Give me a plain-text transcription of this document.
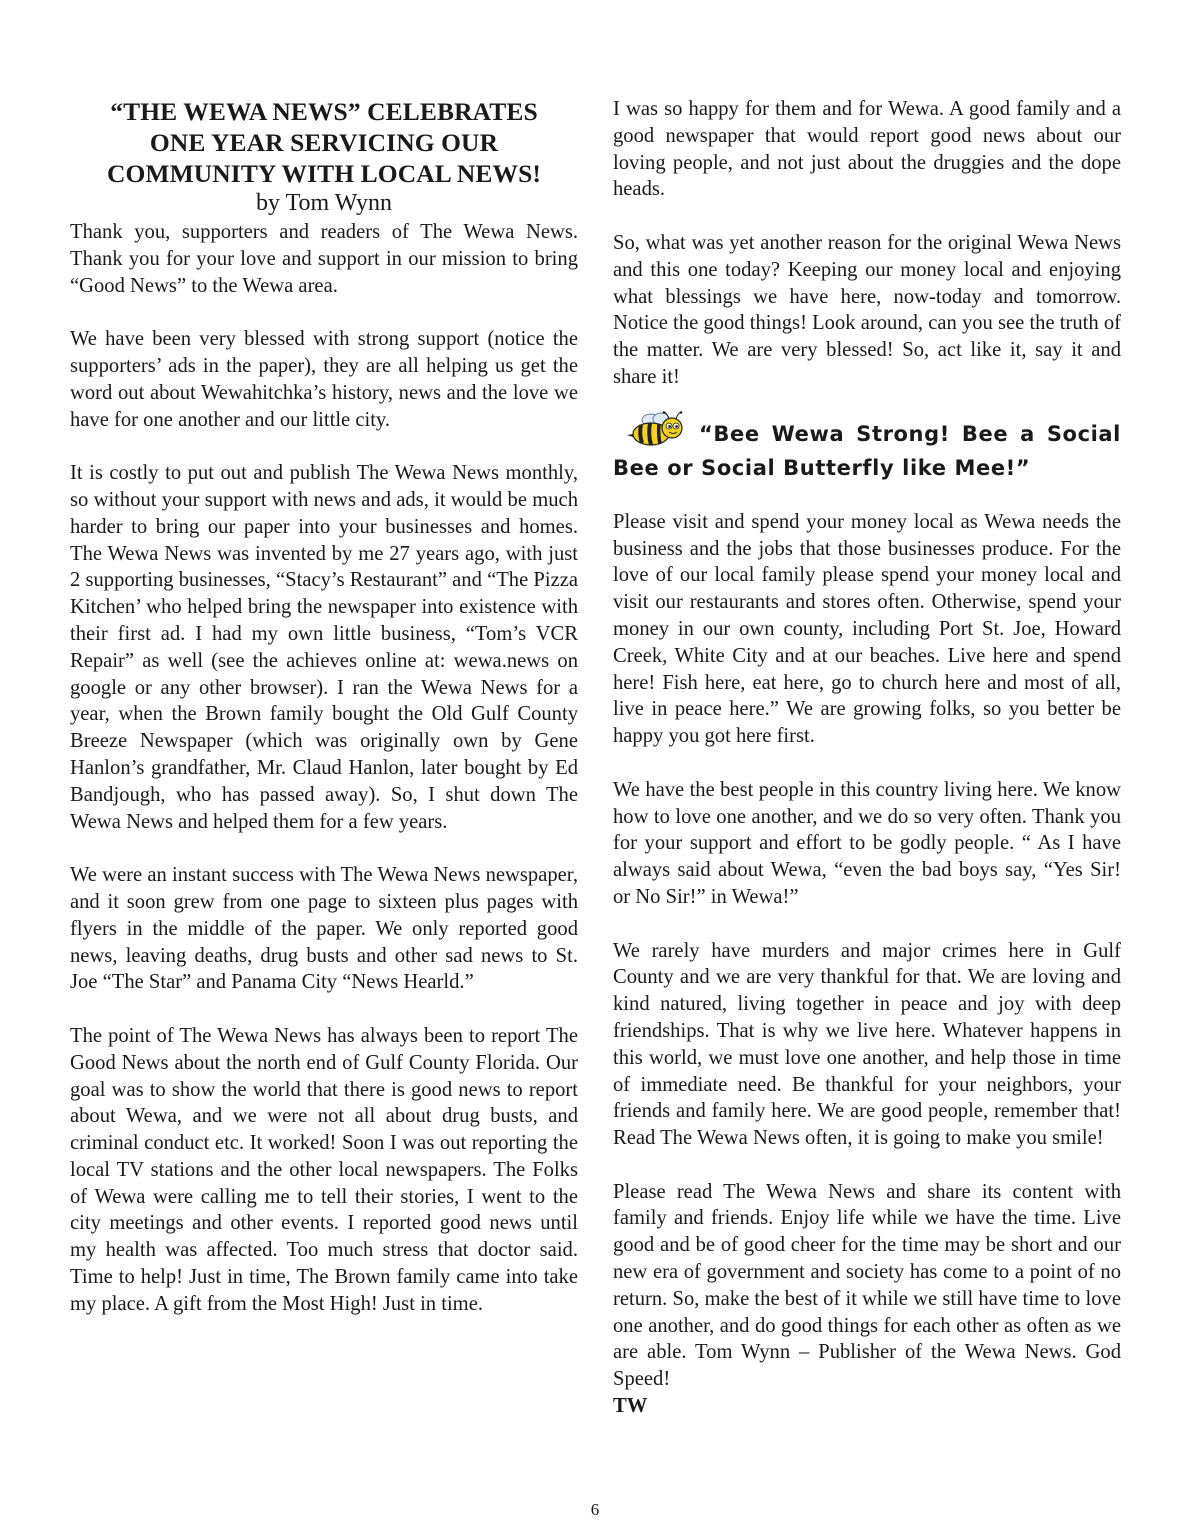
“THE WEWA NEWS” CELEBRATES
ONE YEAR SERVICING OUR
COMMUNITY WITH LOCAL NEWS!

by Tom Wynn

Thank you, supporters and readers of The Wewa News. Thank you for your love and support in our mission to bring “Good News” to the Wewa area.

We have been very blessed with strong support (notice the supporters’ ads in the paper), they are all helping us get the word out about Wewahitchka’s history, news and the love we have for one another and our little city.

It is costly to put out and publish The Wewa News monthly, so without your support with news and ads, it would be much harder to bring our paper into your businesses and homes. The Wewa News was invented by me 27 years ago, with just 2 supporting businesses, “Stacy’s Restaurant” and “The Pizza Kitchen’ who helped bring the newspaper into existence with their first ad. I had my own little business, “Tom’s VCR Repair” as well (see the achieves online at: wewa.news on google or any other browser). I ran the Wewa News for a year, when the Brown family bought the Old Gulf County Breeze Newspaper (which was originally own by Gene Hanlon’s grandfather, Mr. Claud Hanlon, later bought by Ed Bandjough, who has passed away). So, I shut down The Wewa News and helped them for a few years.

We were an instant success with The Wewa News newspaper, and it soon grew from one page to sixteen plus pages with flyers in the middle of the paper. We only reported good news, leaving deaths, drug busts and other sad news to St. Joe “The Star” and Panama City “News Hearld.”

The point of The Wewa News has always been to report The Good News about the north end of Gulf County Florida. Our goal was to show the world that there is good news to report about Wewa, and we were not all about drug busts, and criminal conduct etc. It worked! Soon I was out reporting the local TV stations and the other local newspapers. The Folks of Wewa were calling me to tell their stories, I went to the city meetings and other events. I reported good news until my health was affected. Too much stress that doctor said. Time to help! Just in time, The Brown family came into take my place. A gift from the Most High! Just in time.

I was so happy for them and for Wewa. A good family and a good newspaper that would report good news about our loving people, and not just about the druggies and the dope heads.

So, what was yet another reason for the original Wewa News and this one today? Keeping our money local and enjoying what blessings we have here, now-today and tomorrow. Notice the good things! Look around, can you see the truth of the matter. We are very blessed! So, act like it, say it and share it!

“Bee Wewa Strong! Bee a Social Bee or Social Butterfly like Mee!”

Please visit and spend your money local as Wewa needs the business and the jobs that those businesses produce. For the love of our local family please spend your money local and visit our restaurants and stores often. Otherwise, spend your money in our own county, including Port St. Joe, Howard Creek, White City and at our beaches. Live here and spend here! Fish here, eat here, go to church here and most of all, live in peace here.” We are growing folks, so you better be happy you got here first.

We have the best people in this country living here. We know how to love one another, and we do so very often. Thank you for your support and effort to be godly people. “ As I have always said about Wewa, “even the bad boys say, “Yes Sir! or No Sir!” in Wewa!”

We rarely have murders and major crimes here in Gulf County and we are very thankful for that. We are loving and kind natured, living together in peace and joy with deep friendships. That is why we live here. Whatever happens in this world, we must love one another, and help those in time of immediate need. Be thankful for your neighbors, your friends and family here. We are good people, remember that! Read The Wewa News often, it is going to make you smile!

Please read The Wewa News and share its content with family and friends. Enjoy life while we have the time. Live good and be of good cheer for the time may be short and our new era of government and society has come to a point of no return. So, make the best of it while we still have time to love one another, and do good things for each other as often as we are able. Tom Wynn – Publisher of the Wewa News. God Speed!

TW

6
